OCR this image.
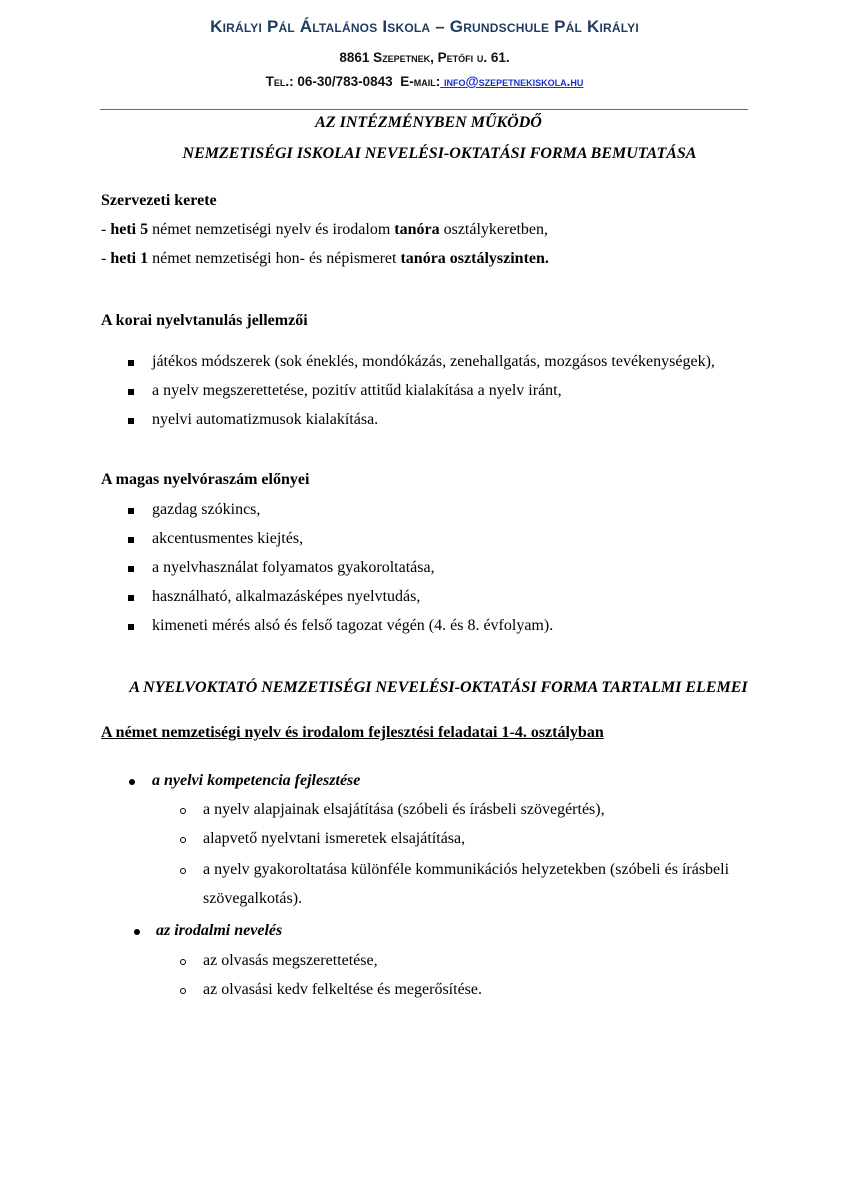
Királyi Pál Általános Iskola – Grundschule Pál Királyi
8861 Szepetnek, Petőfi u. 61.
Tel.: 06-30/783-0843 E-mail: info@szepetnekiskola.hu
AZ INTÉZMÉNYBEN MŰKÖDŐ
NEMZETISÉGI ISKOLAI NEVELÉSI-OKTATÁSI FORMA BEMUTATÁSA
Szervezeti kerete
- heti 5 német nemzetiségi nyelv és irodalom tanóra osztálykeretben,
- heti 1 német nemzetiségi hon- és népismeret tanóra osztályszinten.
A korai nyelvtanulás jellemzői
játékos módszerek (sok éneklés, mondókázás, zenehallgatás, mozgásos tevékenységek),
a nyelv megszerettetése, pozitív attitűd kialakítása a nyelv iránt,
nyelvi automatizmusok kialakítása.
A magas nyelvóraszám előnyei
gazdag szókincs,
akcentusmentes kiejtés,
a nyelvhasználat folyamatos gyakoroltatása,
használható, alkalmazásképes nyelvtudás,
kimeneti mérés alsó és felső tagozat végén (4. és 8. évfolyam).
A NYELVOKTATÓ NEMZETISÉGI NEVELÉSI-OKTATÁSI FORMA TARTALMI ELEMEI
A német nemzetiségi nyelv és irodalom fejlesztési feladatai 1-4. osztályban
a nyelvi kompetencia fejlesztése
a nyelv alapjainak elsajátítása (szóbeli és írásbeli szövegértés),
alapvető nyelvtani ismeretek elsajátítása,
a nyelv gyakoroltatása különféle kommunikációs helyzetekben (szóbeli és írásbeli
szövegalkotás).
az irodalmi nevelés
az olvasás megszerettetése,
az olvasási kedv felkeltése és megerősítése.
